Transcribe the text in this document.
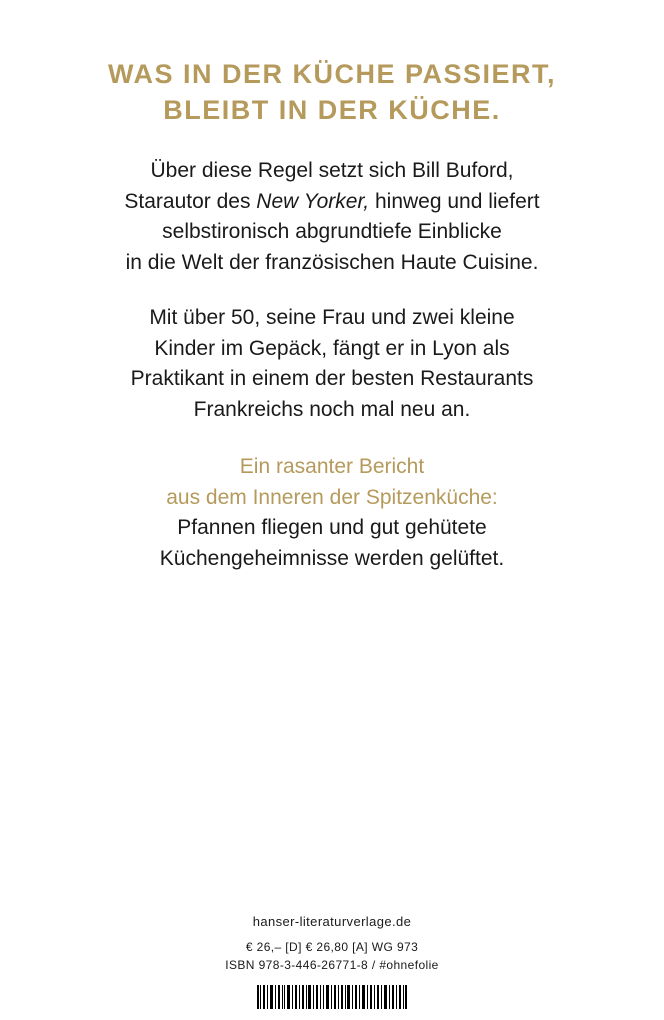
WAS IN DER KÜCHE PASSIERT,
BLEIBT IN DER KÜCHE.
Über diese Regel setzt sich Bill Buford,
Starautor des New Yorker, hinweg und liefert
selbstironisch abgrundtiefe Einblicke
in die Welt der französischen Haute Cuisine.
Mit über 50, seine Frau und zwei kleine
Kinder im Gepäck, fängt er in Lyon als
Praktikant in einem der besten Restaurants
Frankreichs noch mal neu an.
Ein rasanter Bericht
aus dem Inneren der Spitzenküche:
Pfannen fliegen und gut gehütete
Küchengeheimnisse werden gelüftet.
hanser-literaturverlage.de
€ 26,– [D] € 26,80 [A] WG 973
ISBN 978-3-446-26771-8 / #ohnefolie
